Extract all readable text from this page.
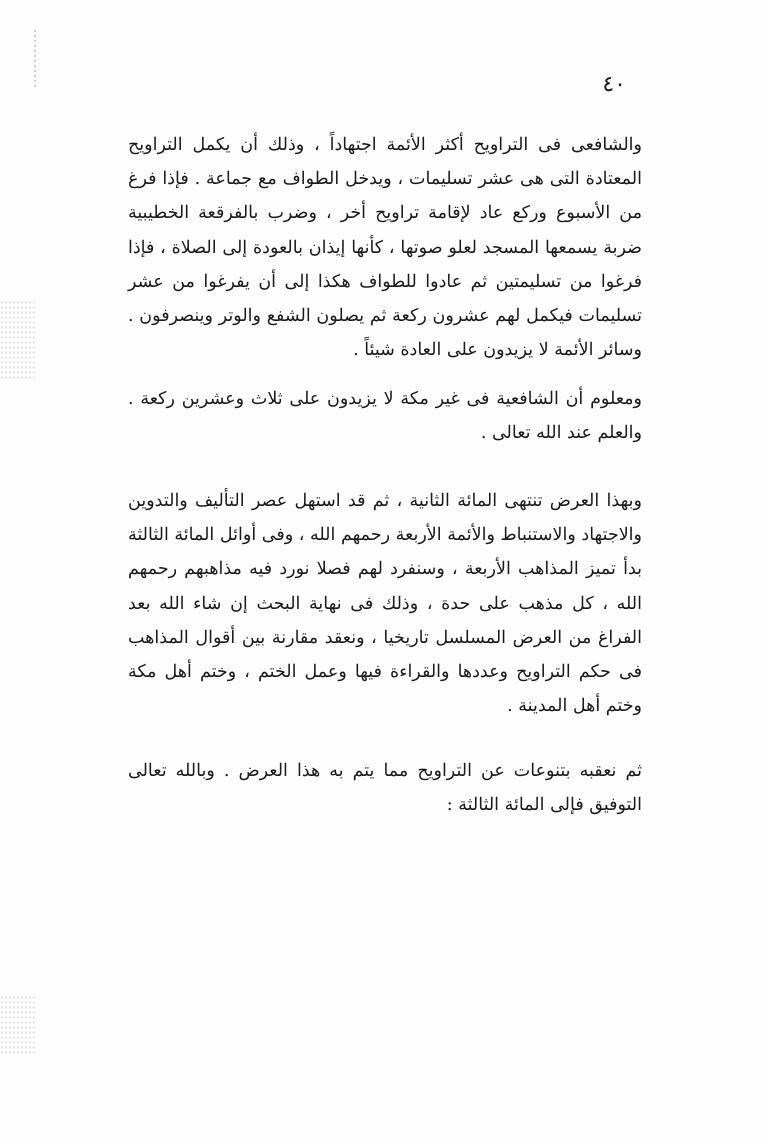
٤٠

والشافعى فى التراويح أكثر الأئمة اجتهاداً ، وذلك أن يكمل التراويح المعتادة التى هى عشر تسليمات ، ويدخل الطواف مع جماعة . فإذا فرغ من الأسبوع وركع عاد لإقامة تراويح أخر ، وضرب بالفرقعة الخطيبية ضربة يسمعها المسجد لعلو صوتها ، كأنها إيذان بالعودة إلى الصلاة ، فإذا فرغوا من تسليمتين ثم عادوا للطواف هكذا إلى أن يفرغوا من عشر تسليمات فيكمل لهم عشرون ركعة ثم يصلون الشفع والوتر وينصرفون . وسائر الأئمة لا يزيدون على العادة شيئاً .

ومعلوم أن الشافعية فى غير مكة لا يزيدون على ثلاث وعشرين ركعة . والعلم عند الله تعالى .

وبهذا العرض تنتهى المائة الثانية ، ثم قد استهل عصر التأليف والتدوين والاجتهاد والاستنباط والأئمة الأربعة رحمهم الله ، وفى أوائل المائة الثالثة بدأ تميز المذاهب الأربعة ، وسنفرد لهم فصلا نورد فيه مذاهبهم رحمهم الله ، كل مذهب على حدة ، وذلك فى نهاية البحث إن شاء الله بعد الفراغ من العرض المسلسل تاريخيا ، ونعقد مقارنة بين أقوال المذاهب فى حكم التراويح وعددها والقراءة فيها وعمل الختم ، وختم أهل مكة وختم أهل المدينة .

ثم نعقبه بتنوعات عن التراويح مما يتم به هذا العرض . وبالله تعالى التوفيق فإلى المائة الثالثة :
